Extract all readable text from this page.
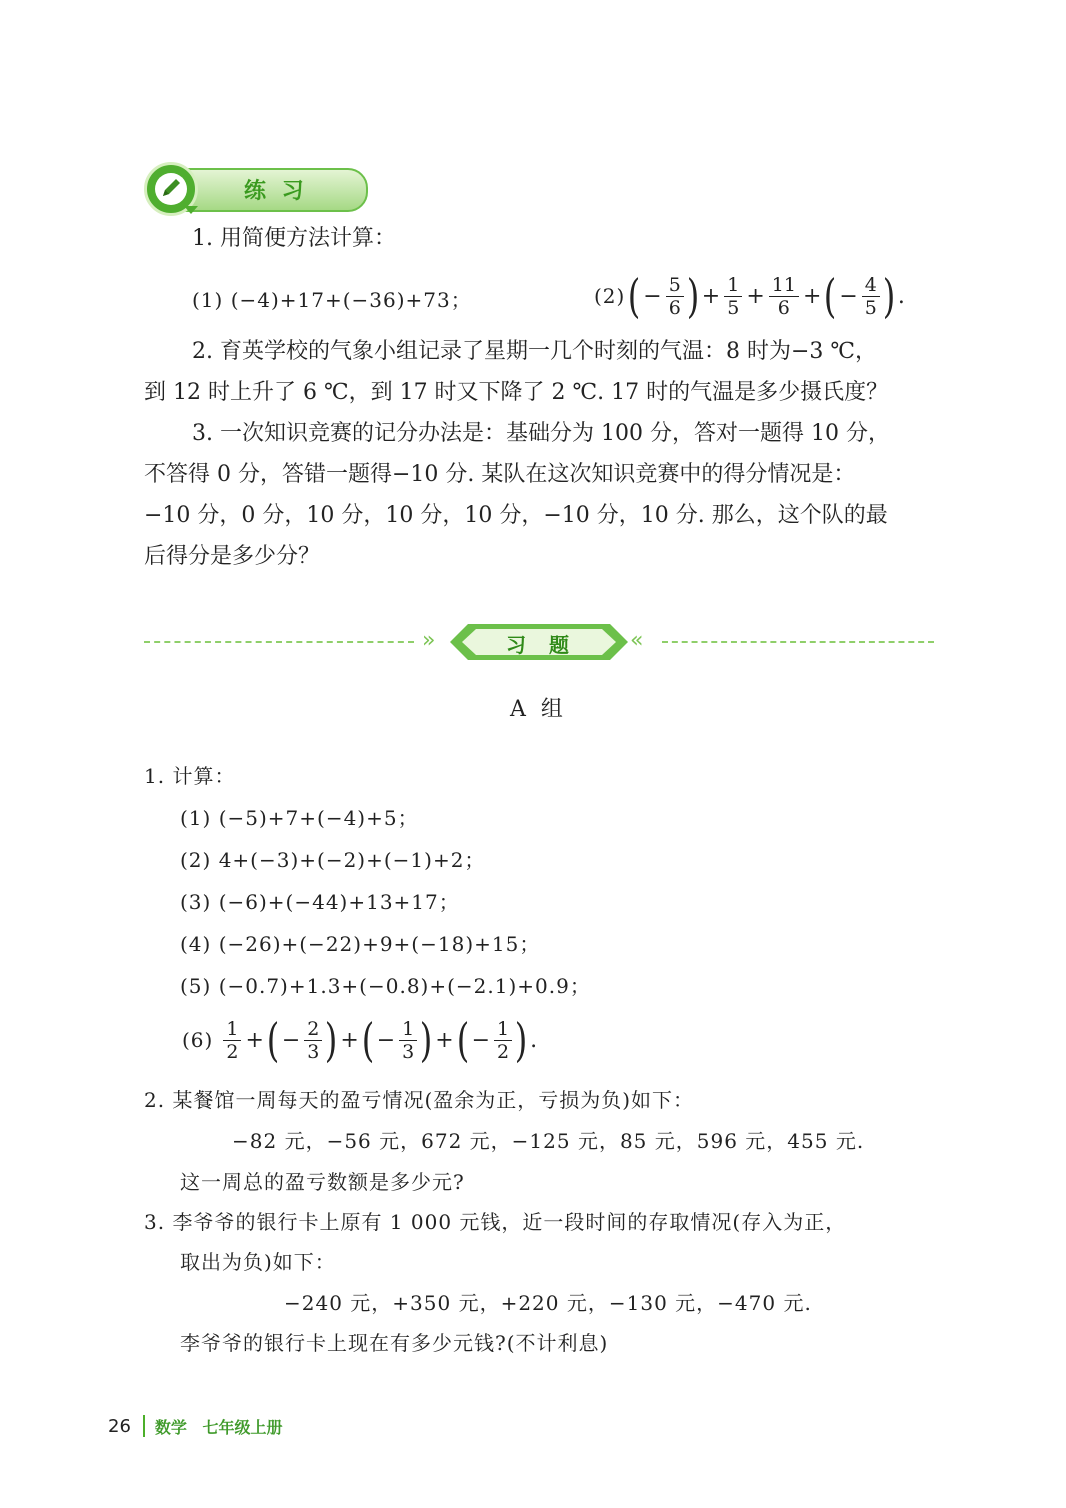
练 习
1. 用简便方法计算：
(1) (−4)+17+(−36)+73；	(2) ( − $\frac{5}{6}$ ) + $\frac{1}{5} + \frac{11}{6}$ + ( − $\frac{4}{5}$ ) .
2. 育英学校的气象小组记录了星期一几个时刻的气温：8 时为−3 ℃，
到 12 时上升了 6 ℃，到 17 时又下降了 2 ℃. 17 时的气温是多少摄氏度？
3. 一次知识竞赛的记分办法是：基础分为 100 分，答对一题得 10 分，
不答得 0 分，答错一题得−10 分. 某队在这次知识竞赛中的得分情况是：
−10 分，0 分，10 分，10 分，10 分，−10 分，10 分. 那么，这个队的最
后得分是多少分？
»	习 题 «
A 组
1. 计算：
(1) (−5)+7+(−4)+5；
(2) 4+(−3)+(−2)+(−1)+2；
(3) (−6)+(−44)+13+17；
(4) (−26)+(−22)+9+(−18)+15；
(5) (−0.7)+1.3+(−0.8)+(−2.1)+0.9；
$(6) \frac{1}{2}$ + ( − $\frac{2}{3}$ ) + ( − $\frac{1}{3}$ ) + ( − $\frac{1}{2}$ ) .
2. 某餐馆一周每天的盈亏情况(盈余为正，亏损为负)如下：
−82 元，−56 元，672 元，−125 元，85 元，596 元，455 元.
这一周总的盈亏数额是多少元?
3. 李爷爷的银行卡上原有 1 000 元钱，近一段时间的存取情况(存入为正，
取出为负)如下：
−240 元，+350 元，+220 元，−130 元，−470 元.
李爷爷的银行卡上现在有多少元钱?(不计利息)
26 数学 七年级上册
